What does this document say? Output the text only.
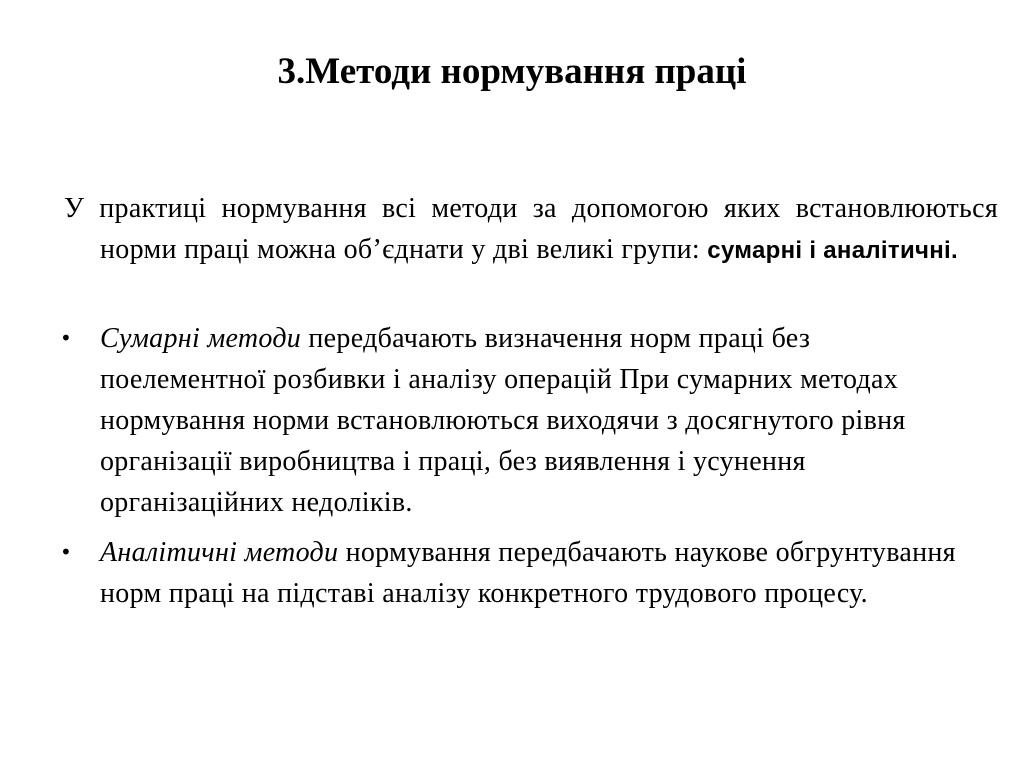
3.Методи нормування праці
У практиці нормування всі методи за допомогою яких встановлюються норми праці можна об’єднати у дві великі групи: сумарні і аналітичні.
• Сумарні методи передбачають визначення норм праці без поелементної розбивки і аналізу операцій При сумарних методах нормування норми встановлюються виходячи з досягнутого рівня організації виробництва і праці, без виявлення і усунення організаційних недоліків.
• Аналітичні методи нормування передбачають наукове обгрунтування норм праці на підставі аналізу конкретного трудового процесу.
